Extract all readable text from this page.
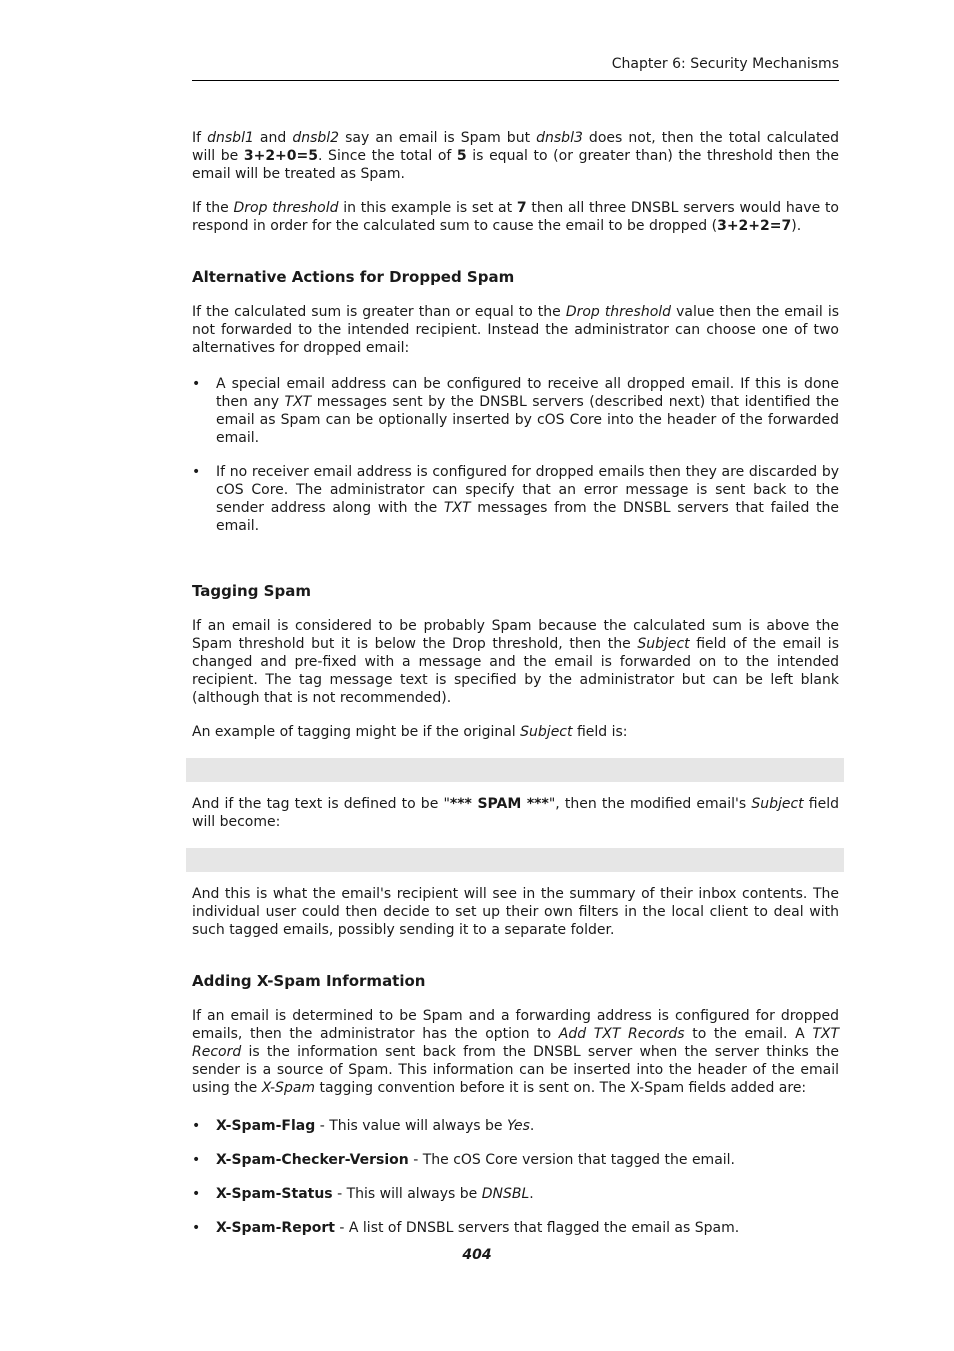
Chapter 6: Security Mechanisms

If dnsbl1 and dnsbl2 say an email is Spam but dnsbl3 does not, then the total calculated will be 3+2+0=5. Since the total of 5 is equal to (or greater than) the threshold then the email will be treated as Spam.

If the Drop threshold in this example is set at 7 then all three DNSBL servers would have to respond in order for the calculated sum to cause the email to be dropped (3+2+2=7).

Alternative Actions for Dropped Spam

If the calculated sum is greater than or equal to the Drop threshold value then the email is not forwarded to the intended recipient. Instead the administrator can choose one of two alternatives for dropped email:

• A special email address can be configured to receive all dropped email. If this is done then any TXT messages sent by the DNSBL servers (described next) that identified the email as Spam can be optionally inserted by cOS Core into the header of the forwarded email.
• If no receiver email address is configured for dropped emails then they are discarded by cOS Core. The administrator can specify that an error message is sent back to the sender address along with the TXT messages from the DNSBL servers that failed the email.
Tagging Spam

If an email is considered to be probably Spam because the calculated sum is above the Spam threshold but it is below the Drop threshold, then the Subject field of the email is changed and pre-fixed with a message and the email is forwarded on to the intended recipient. The tag message text is specified by the administrator but can be left blank (although that is not recommended).

An example of tagging might be if the original Subject field is:

And if the tag text is defined to be "*** SPAM ***", then the modified email's Subject field will become:

And this is what the email's recipient will see in the summary of their inbox contents. The individual user could then decide to set up their own filters in the local client to deal with such tagged emails, possibly sending it to a separate folder.

Adding X-Spam Information

If an email is determined to be Spam and a forwarding address is configured for dropped emails, then the administrator has the option to Add TXT Records to the email. A TXT Record is the information sent back from the DNSBL server when the server thinks the sender is a source of Spam. This information can be inserted into the header of the email using the X-Spam tagging convention before it is sent on. The X-Spam fields added are:

• X-Spam-Flag - This value will always be Yes.
• X-Spam-Checker-Version - The cOS Core version that tagged the email.
• X-Spam-Status - This will always be DNSBL.
• X-Spam-Report - A list of DNSBL servers that flagged the email as Spam.
404
